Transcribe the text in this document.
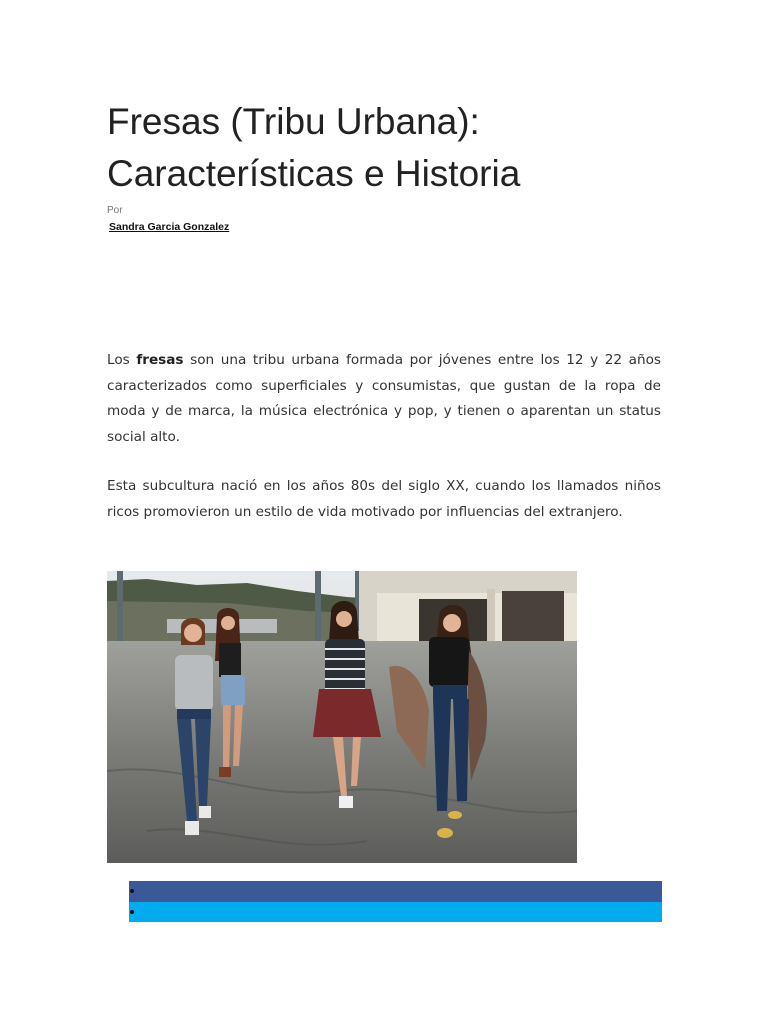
Fresas (Tribu Urbana): Características e Historia
Por
Sandra Garcia Gonzalez

Los fresas son una tribu urbana formada por jóvenes entre los 12 y 22 años caracterizados como superficiales y consumistas, que gustan de la ropa de moda y de marca, la música electrónica y pop, y tienen o aparentan un status social alto.

Esta subcultura nació en los años 80s del siglo XX, cuando los llamados niños ricos promovieron un estilo de vida motivado por influencias del extranjero.
